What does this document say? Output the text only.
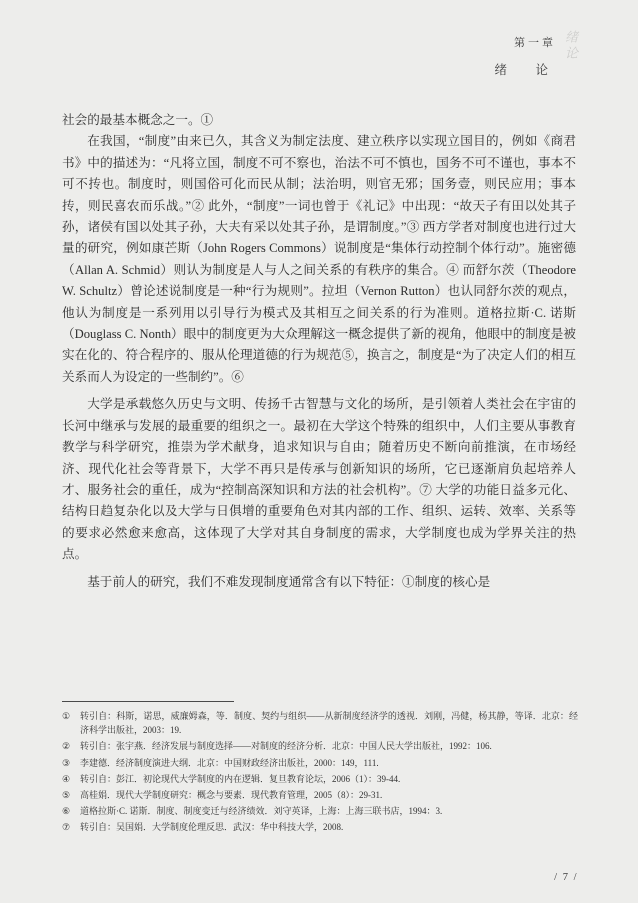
第一章
绪　论
绪论

社会的最基本概念之一。①

在我国，“制度”由来已久，其含义为制定法度、建立秩序以实现立国目的，例如《商君书》中的描述为：“凡将立国，制度不可不察也，治法不可不慎也，国务不可不谨也，事本不可不抟也。制度时，则国俗可化而民从制；法治明，则官无邪；国务壹，则民应用；事本抟，则民喜农而乐战。”② 此外，“制度”一词也曾于《礼记》中出现：“故天子有田以处其子孙，诸侯有国以处其子孙，大夫有采以处其子孙，是谓制度。”③ 西方学者对制度也进行过大量的研究，例如康芒斯（John Rogers Commons）说制度是“集体行动控制个体行动”。施密德（Allan A. Schmid）则认为制度是人与人之间关系的有秩序的集合。④ 而舒尔茨（Theodore W. Schultz）曾论述说制度是一种“行为规则”。拉坦（Vernon Rutton）也认同舒尔茨的观点，他认为制度是一系列用以引导行为模式及其相互之间关系的行为准则。道格拉斯·C. 诺斯（Douglass C. Nonth）眼中的制度更为大众理解这一概念提供了新的视角，他眼中的制度是被实在化的、符合程序的、服从伦理道德的行为规范⑤，换言之，制度是“为了决定人们的相互关系而人为设定的一些制约”。⑥

大学是承载悠久历史与文明、传扬千古智慧与文化的场所，是引领着人类社会在宇宙的长河中继承与发展的最重要的组织之一。最初在大学这个特殊的组织中，人们主要从事教育教学与科学研究，推崇为学术献身，追求知识与自由；随着历史不断向前推演，在市场经济、现代化社会等背景下，大学不再只是传承与创新知识的场所，它已逐渐肩负起培养人才、服务社会的重任，成为“控制高深知识和方法的社会机构”。⑦ 大学的功能日益多元化、结构日趋复杂化以及大学与日俱增的重要角色对其内部的工作、组织、运转、效率、关系等的要求必然愈来愈高，这体现了大学对其自身制度的需求，大学制度也成为学界关注的热点。

基于前人的研究，我们不难发现制度通常含有以下特征：①制度的核心是

①	转引自：科斯，诺思，威廉姆森，等．制度、契约与组织——从新制度经济学的透视．刘刚，冯健，杨其静，等译．北京：经济科学出版社，2003：19.
②	转引自：张宇燕．经济发展与制度选择——对制度的经济分析．北京：中国人民大学出版社，1992：106.
③	李建德．经济制度演进大纲．北京：中国财政经济出版社，2000：149，111.
④	转引自：彭江．初论现代大学制度的内在逻辑．复旦教育论坛，2006（1）：39-44.
⑤	高桂娟．现代大学制度研究：概念与要素．现代教育管理，2005（8）：29-31.
⑥	道格拉斯·C. 诺斯．制度、制度变迁与经济绩效．刘守英译，上海：上海三联书店，1994：3.
⑦	转引自：吴国娟．大学制度伦理反思．武汉：华中科技大学，2008.
/ 7 /
